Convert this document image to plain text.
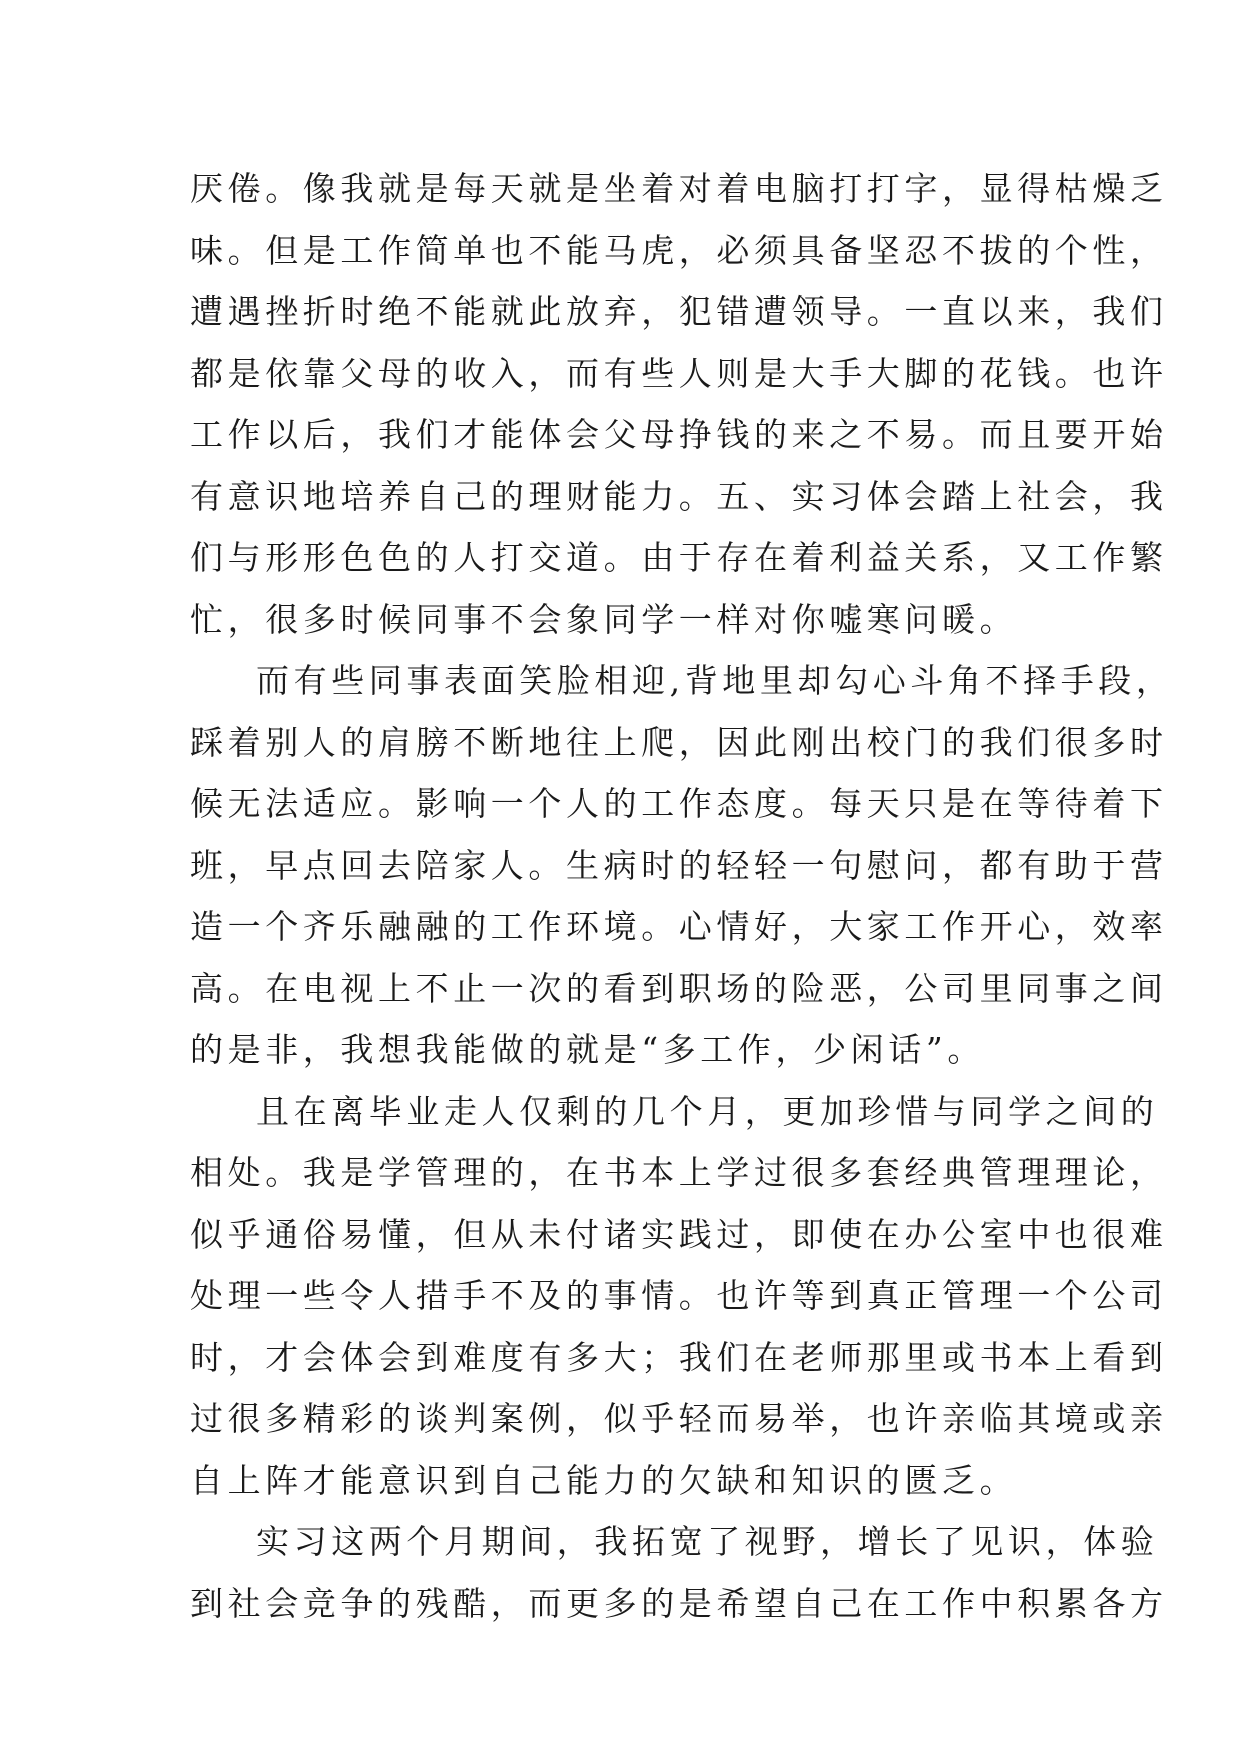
厌倦。像我就是每天就是坐着对着电脑打打字，显得枯燥乏
味。但是工作简单也不能马虎，必须具备坚忍不拔的个性，
遭遇挫折时绝不能就此放弃，犯错遭领导。一直以来，我们
都是依靠父母的收入，而有些人则是大手大脚的花钱。也许
工作以后，我们才能体会父母挣钱的来之不易。而且要开始
有意识地培养自己的理财能力。五、实习体会踏上社会，我
们与形形色色的人打交道。由于存在着利益关系，又工作繁
忙，很多时候同事不会象同学一样对你嘘寒问暖。
而有些同事表面笑脸相迎,背地里却勾心斗角不择手段，
踩着别人的肩膀不断地往上爬，因此刚出校门的我们很多时
候无法适应。影响一个人的工作态度。每天只是在等待着下
班，早点回去陪家人。生病时的轻轻一句慰问，都有助于营
造一个齐乐融融的工作环境。心情好，大家工作开心，效率
高。在电视上不止一次的看到职场的险恶，公司里同事之间
的是非，我想我能做的就是“多工作，少闲话”。
且在离毕业走人仅剩的几个月，更加珍惜与同学之间的
相处。我是学管理的，在书本上学过很多套经典管理理论，
似乎通俗易懂，但从未付诸实践过，即使在办公室中也很难
处理一些令人措手不及的事情。也许等到真正管理一个公司
时，才会体会到难度有多大；我们在老师那里或书本上看到
过很多精彩的谈判案例，似乎轻而易举，也许亲临其境或亲
自上阵才能意识到自己能力的欠缺和知识的匮乏。
实习这两个月期间，我拓宽了视野，增长了见识，体验
到社会竞争的残酷，而更多的是希望自己在工作中积累各方
